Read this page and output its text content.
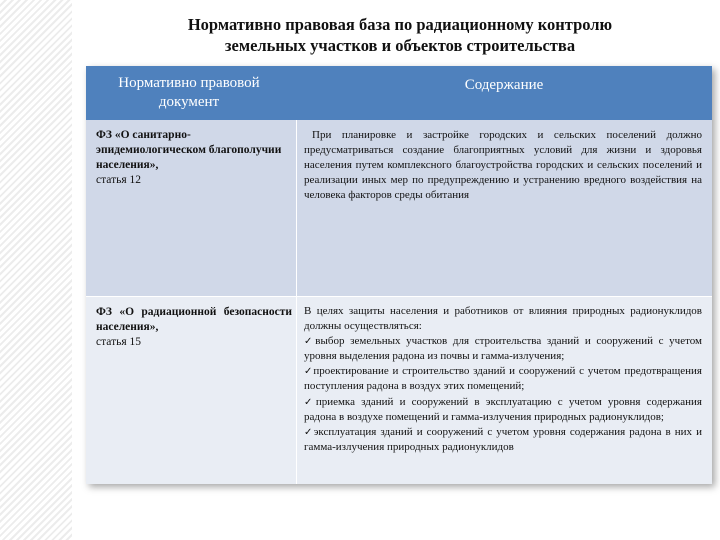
Нормативно правовая база по радиационному контролю
земельных участков и объектов строительства
Нормативно правовой
документ
Содержание
ФЗ «О санитарно-эпидемиологическом благополучии населения»,
статья 12
При планировке и застройке городских и сельских поселений должно предусматриваться создание благоприятных условий для жизни и здоровья населения путем комплексного благоустройства городских и сельских поселений и реализации иных мер по предупреждению и устранению вредного воздействия на человека факторов среды обитания
ФЗ «О радиационной безопасности населения»,
статья 15

В целях защиты населения и работников от влияния природных радионуклидов должны осуществляться:

✓выбор земельных участков для строительства зданий и сооружений с учетом уровня выделения радона из почвы и гамма-излучения;

✓проектирование и строительство зданий и сооружений с учетом предотвращения поступления радона в воздух этих помещений;

✓приемка зданий и сооружений в эксплуатацию с учетом уровня содержания радона в воздухе помещений и гамма-излучения природных радионуклидов;

✓эксплуатация зданий и сооружений с учетом уровня содержания радона в них и гамма-излучения природных радионуклидов
